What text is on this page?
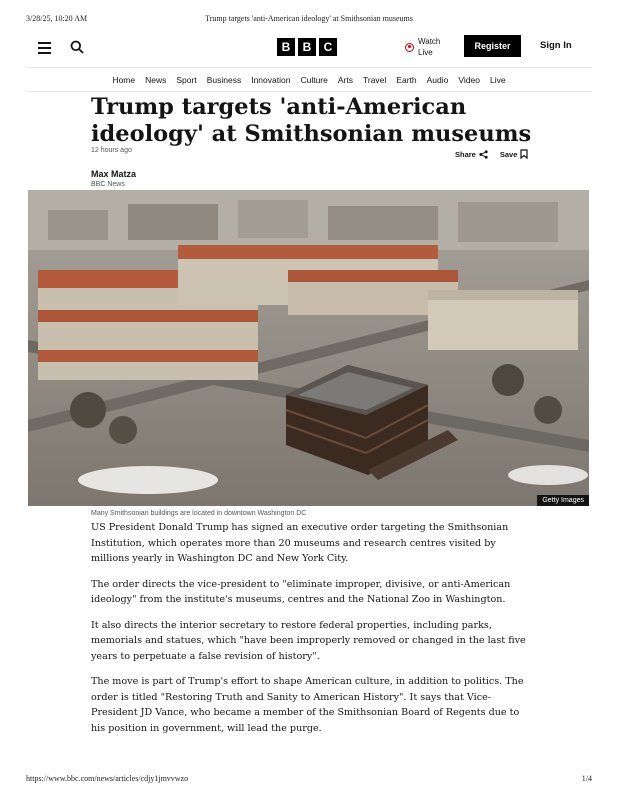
3/28/25, 10:20 AM	Trump targets 'anti-American ideology' at Smithsonian museums
B	B	C	Watch
Live
Register	Sign In
Home News Sport Business Innovation Culture Arts Travel Earth Audio Video Live
Trump targets 'anti-American ideology' at Smithsonian museums
12 hours ago	Share	Save
Max Matza
BBC News
Getty Images
Many Smithsonian buildings are located in downtown Washington DC

US President Donald Trump has signed an executive order targeting the Smithsonian Institution, which operates more than 20 museums and research centres visited by millions yearly in Washington DC and New York City.

The order directs the vice-president to "eliminate improper, divisive, or anti-American ideology" from the institute's museums, centres and the National Zoo in Washington.

It also directs the interior secretary to restore federal properties, including parks, memorials and statues, which "have been improperly removed or changed in the last five years to perpetuate a false revision of history".

The move is part of Trump's effort to shape American culture, in addition to politics. The order is titled "Restoring Truth and Sanity to American History". It says that Vice-President JD Vance, who became a member of the Smithsonian Board of Regents due to his position in government, will lead the purge.

https://www.bbc.com/news/articles/cdjy1jmvvwzo	1/4
